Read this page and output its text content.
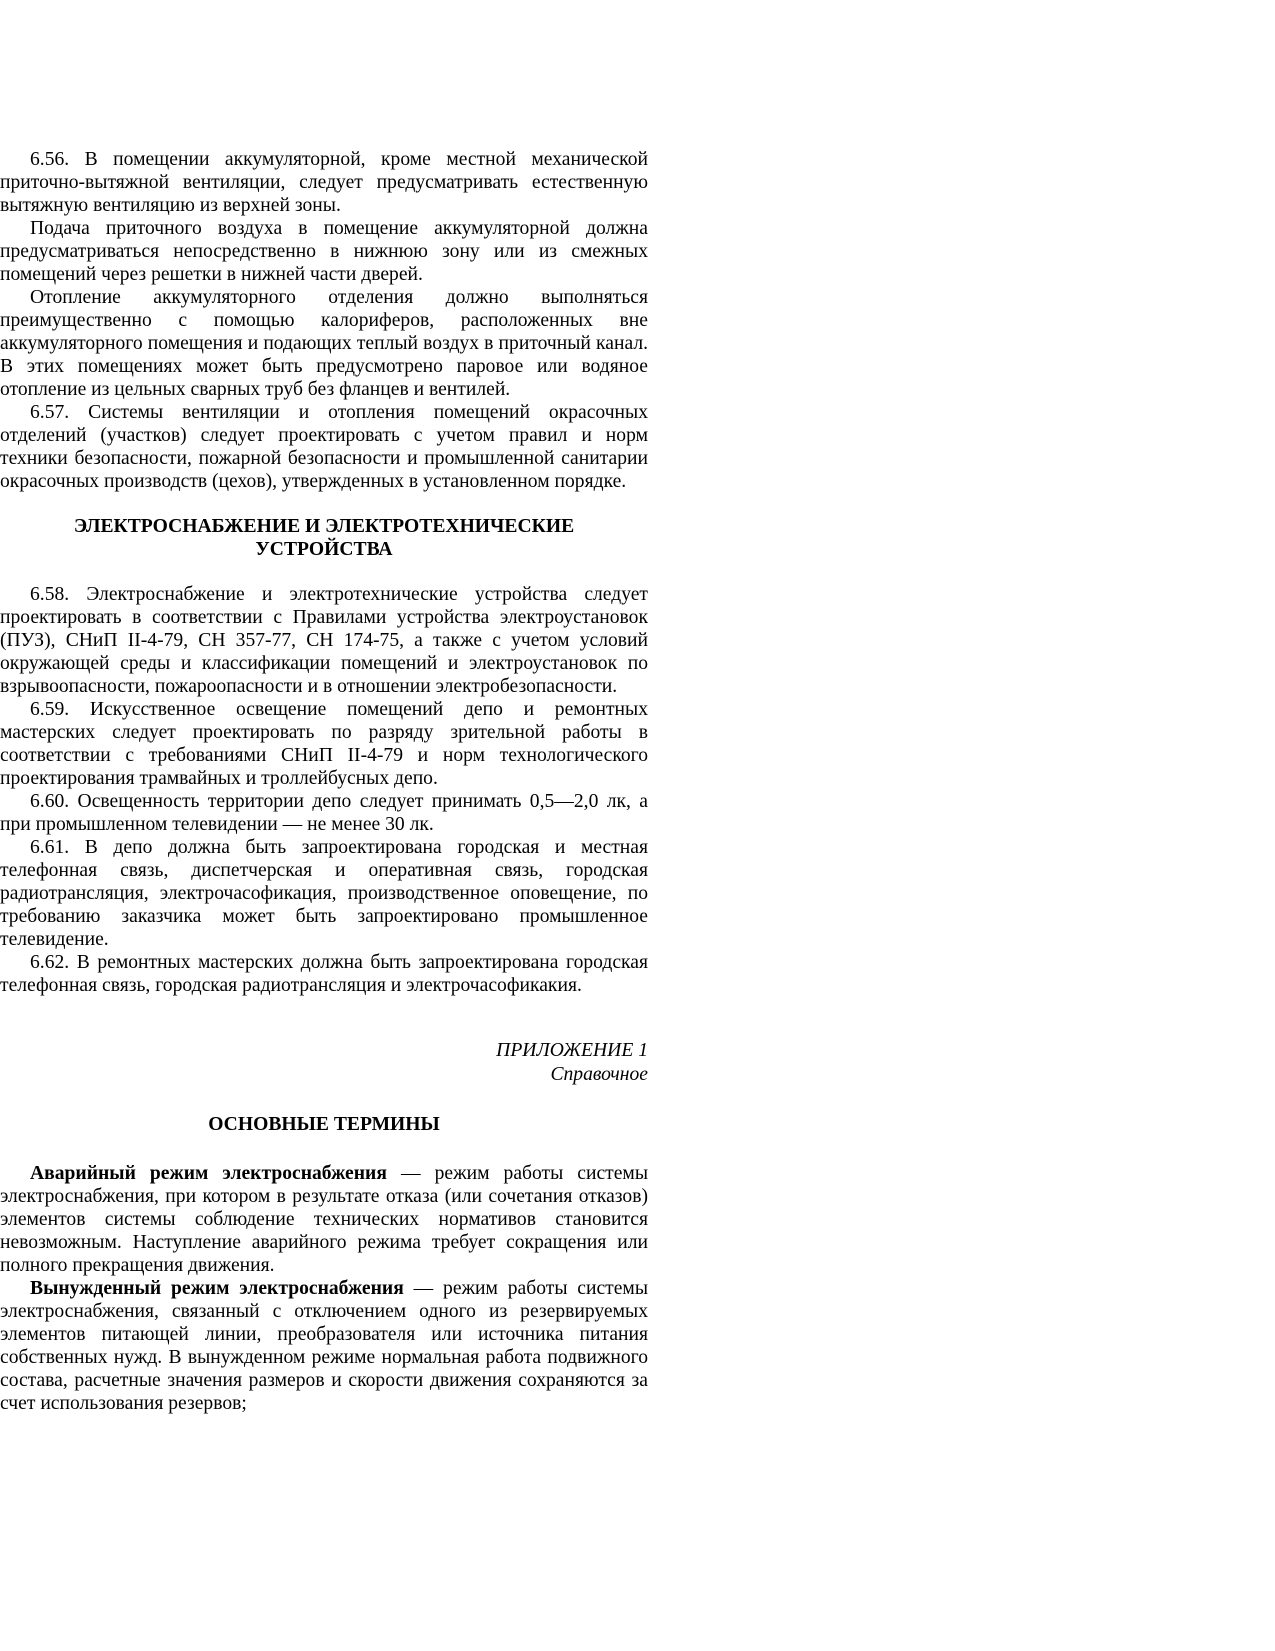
6.56. В помещении аккумуляторной, кроме местной механической приточно-вытяжной вентиляции, следует предусматривать естественную вытяжную вентиляцию из верхней зоны.

Подача приточного воздуха в помещение аккумуляторной должна предусматриваться непосредственно в нижнюю зону или из смежных помещений через решетки в нижней части дверей.

Отопление аккумуляторного отделения должно выполняться преимущественно с помощью калориферов, расположенных вне аккумуляторного помещения и подающих теплый воздух в приточный канал. В этих помещениях может быть предусмотрено паровое или водяное отопление из цельных сварных труб без фланцев и вентилей.

6.57. Системы вентиляции и отопления помещений окрасочных отделений (участков) следует проектировать с учетом правил и норм техники безопасности, пожарной безопасности и промышленной санитарии окрасочных производств (цехов), утвержденных в установленном порядке.

ЭЛЕКТРОСНАБЖЕНИЕ И ЭЛЕКТРОТЕХНИЧЕСКИЕ
УСТРОЙСТВА

6.58. Электроснабжение и электротехнические устройства следует проектировать в соответствии с Правилами устройства электроустановок (ПУЗ), СНиП II-4-79, СН 357-77, СН 174-75, а также с учетом условий окружающей среды и классификации помещений и электроустановок по взрывоопасности, пожароопасности и в отношении электробезопасности.

6.59. Искусственное освещение помещений депо и ремонтных мастерских следует проектировать по разряду зрительной работы в соответствии с требованиями СНиП II-4-79 и норм технологического проектирования трамвайных и троллейбусных депо.

6.60. Освещенность территории депо следует принимать 0,5—2,0 лк, а при промышленном телевидении — не менее 30 лк.

6.61. В депо должна быть запроектирована городская и местная телефонная связь, диспетчерская и оперативная связь, городская радиотрансляция, электрочасофикация, производственное оповещение, по требованию заказчика может быть запроектировано промышленное телевидение.

6.62. В ремонтных мастерских должна быть запроектирована городская телефонная связь, городская радиотрансляция и электрочасофикакия.

ПРИЛОЖЕНИЕ 1
Справочное
ОСНОВНЫЕ ТЕРМИНЫ

Аварийный режим электроснабжения — режим работы системы электроснабжения, при котором в результате отказа (или сочетания отказов) элементов системы соблюдение технических нормативов становится невозможным. Наступление аварийного режима требует сокращения или полного прекращения движения.

Вынужденный режим электроснабжения — режим работы системы электроснабжения, связанный с отключением одного из резервируемых элементов питающей линии, преобразователя или источника питания собственных нужд. В вынужденном режиме нормальная работа подвижного состава, расчетные значения размеров и скорости движения сохраняются за счет использования резервов;
